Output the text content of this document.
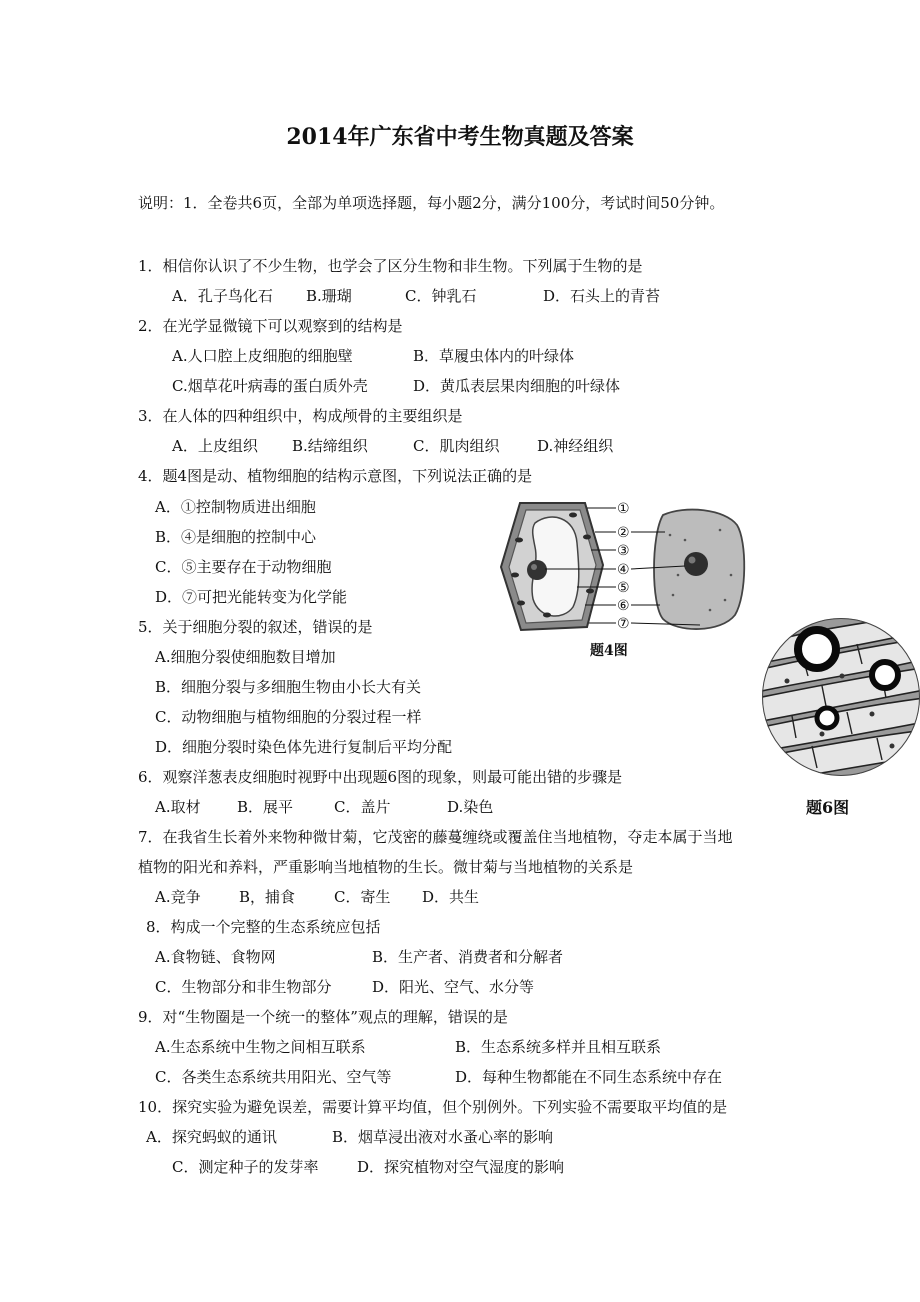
2014年广东省中考生物真题及答案
说明：1．全卷共6页，全部为单项选择题，每小题2分，满分100分，考试时间50分钟。
1．相信你认识了不少生物，也学会了区分生物和非生物。下列属于生物的是
A．孔子鸟化石 B.珊瑚	C．钟乳石	D．石头上的青苔
2．在光学显微镜下可以观察到的结构是
A.人口腔上皮细胞的细胞壁	B．草履虫体内的叶绿体
C.烟草花叶病毒的蛋白质外壳	D．黄瓜表层果肉细胞的叶绿体
3．在人体的四种组织中，构成颅骨的主要组织是
A．上皮组织 B.结缔组织	C．肌肉组织	D.神经组织
4．题4图是动、植物细胞的结构示意图，下列说法正确的是
A．①控制物质进出细胞
B．④是细胞的控制中心
C．⑤主要存在于动物细胞
D．⑦可把光能转变为化学能
①
②
③
④
⑤
⑥
⑦
题4图
5．关于细胞分裂的叙述，错误的是
A.细胞分裂使细胞数目增加
B．细胞分裂与多细胞生物由小长大有关
C．动物细胞与植物细胞的分裂过程一样
D．细胞分裂时染色体先进行复制后平均分配
题6图
6．观察洋葱表皮细胞时视野中出现题6图的现象，则最可能出错的步骤是
A.取材 B．展平	C．盖片	D.染色
7．在我省生长着外来物种微甘菊，它茂密的藤蔓缠绕或覆盖住当地植物，夺走本属于当地
植物的阳光和养料，严重影响当地植物的生长。微甘菊与当地植物的关系是
A.竞争	B，捕食	C．寄生 D．共生
8．构成一个完整的生态系统应包括
A.食物链、食物网	B．生产者、消费者和分解者
C．生物部分和非生物部分	D．阳光、空气、水分等
9．对“生物圈是一个统一的整体”观点的理解，错误的是
A.生态系统中生物之间相互联系	B．生态系统多样并且相互联系
C．各类生态系统共用阳光、空气等	D．每种生物都能在不同生态系统中存在
10．探究实验为避免误差，需要计算平均值，但个别例外。下列实验不需要取平均值的是
A．探究蚂蚁的通讯	B．烟草浸出液对水蚤心率的影响
C．测定种子的发芽率	D．探究植物对空气湿度的影响
